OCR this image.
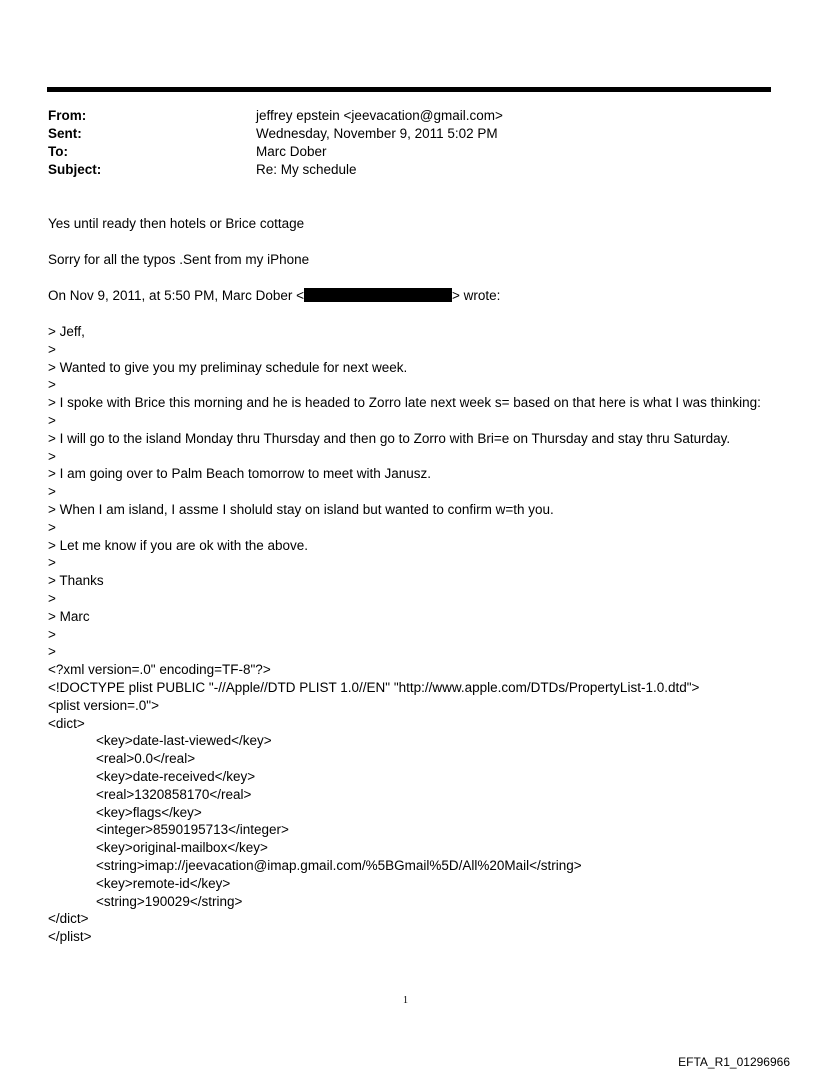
From:	jeffrey epstein <jeevacation@gmail.com>
Sent:	Wednesday, November 9, 2011 5:02 PM
To:	Marc Dober
Subject:	Re: My schedule
Yes until ready then hotels or Brice cottage
Sorry for all the typos .Sent from my iPhone
On Nov 9, 2011, at 5:50 PM, Marc Dober <	> wrote:
> Jeff,
>
> Wanted to give you my preliminay schedule for next week.
>
> I spoke with Brice this morning and he is headed to Zorro late next week s= based on that here is what I was thinking:
>
> I will go to the island Monday thru Thursday and then go to Zorro with Bri=e on Thursday and stay thru Saturday.
>
> I am going over to Palm Beach tomorrow to meet with Janusz.
>
> When I am island, I assme I sholuld stay on island but wanted to confirm w=th you.
>
> Let me know if you are ok with the above.
>
> Thanks
>
> Marc
>
>
<?xml version=.0" encoding=TF-8"?>
<!DOCTYPE plist PUBLIC "-//Apple//DTD PLIST 1.0//EN" "http://www.apple.com/DTDs/PropertyList-1.0.dtd">
<plist version=.0">
<dict>
<key>date-last-viewed</key>
<real>0.0</real>
<key>date-received</key>
<real>1320858170</real>
<key>flags</key>
<integer>8590195713</integer>
<key>original-mailbox</key>
<string>imap://jeevacation@imap.gmail.com/%5BGmail%5D/All%20Mail</string>
<key>remote-id</key>
<string>190029</string>
</dict>
</plist>
1
EFTA_R1_01296966
